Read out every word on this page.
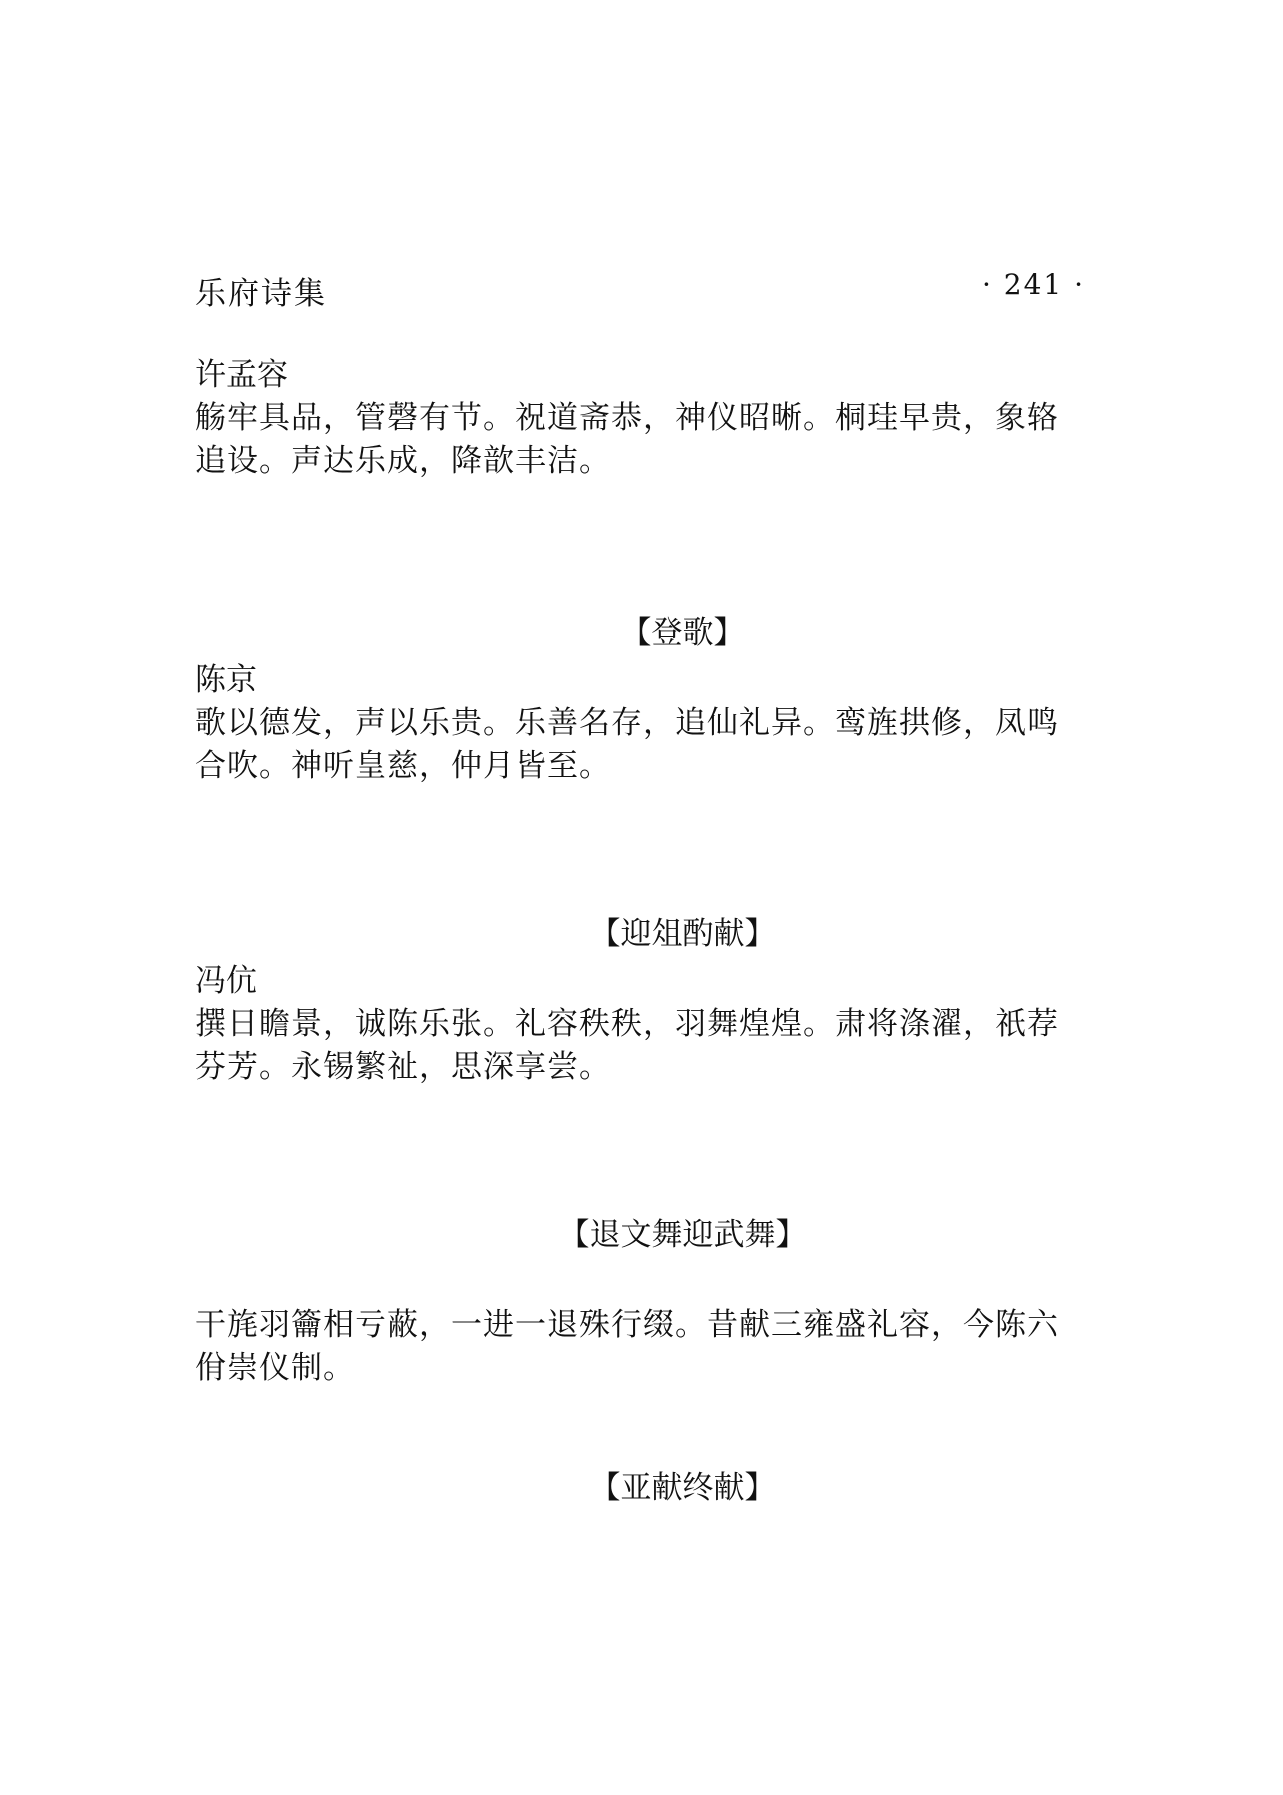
乐府诗集	· 241 ·

许孟容

觞牢具品，管磬有节。祝道斋恭，神仪昭晰。桐珪早贵，象辂追设。声达乐成，降歆丰洁。

【登歌】

陈京

歌以德发，声以乐贵。乐善名存，追仙礼异。鸾旌拱修，凤鸣合吹。神听皇慈，仲月皆至。

【迎俎酌献】

冯伉

撰日瞻景，诚陈乐张。礼容秩秩，羽舞煌煌。肃将涤濯，祇荐芬芳。永锡繁祉，思深享尝。

【退文舞迎武舞】

干旄羽籥相亏蔽，一进一退殊行缀。昔献三雍盛礼容，今陈六佾崇仪制。

【亚献终献】
